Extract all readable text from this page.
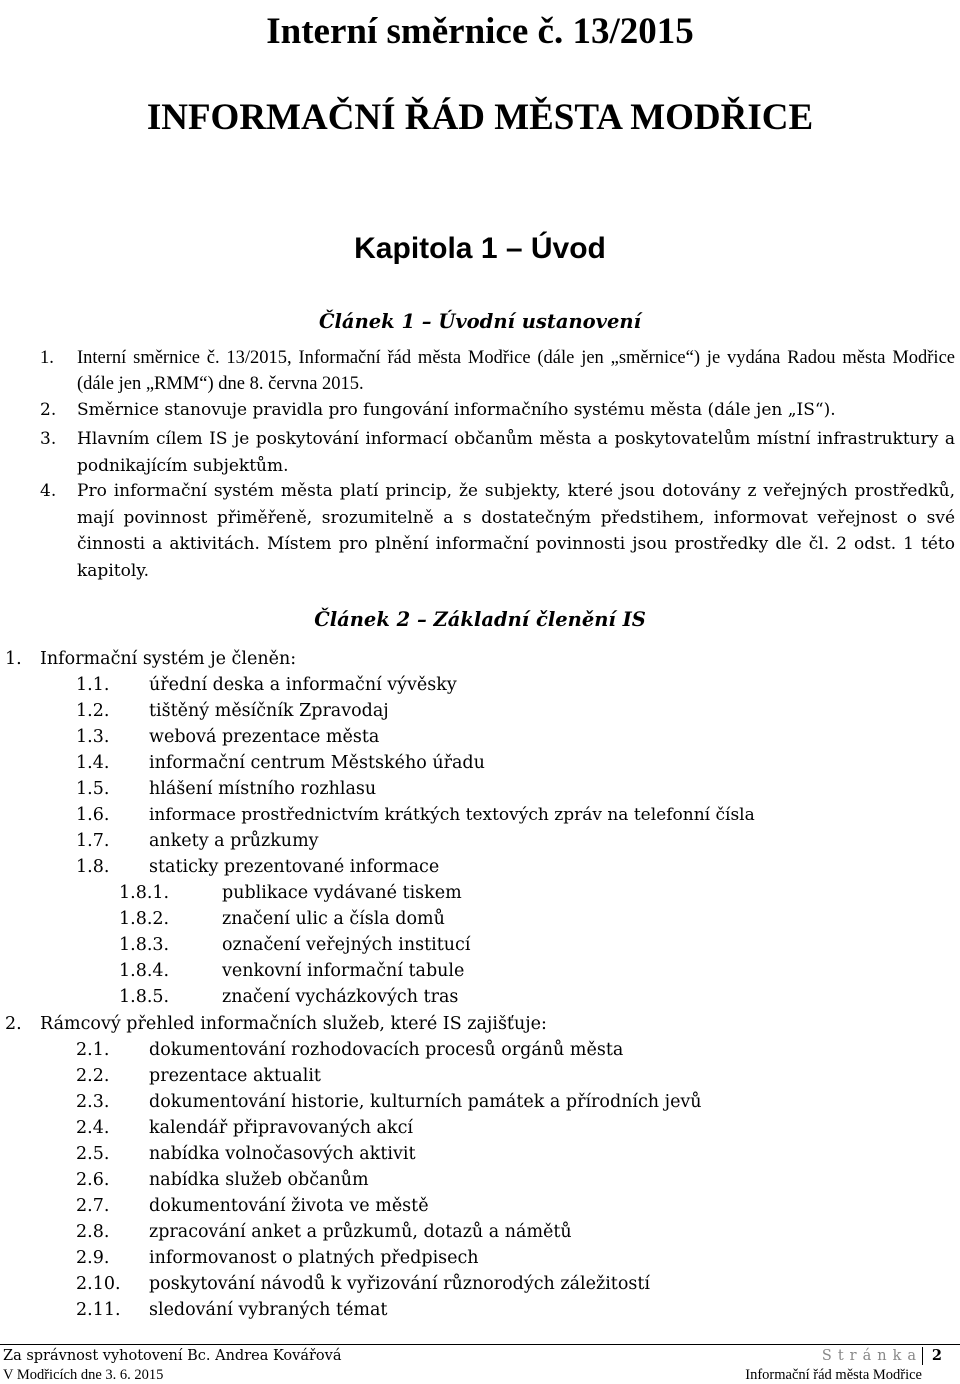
Interní směrnice č. 13/2015
INFORMAČNÍ ŘÁD MĚSTA MODŘICE
Kapitola 1 – Úvod
Článek 1 – Úvodní ustanovení
1.	Interní směrnice č. 13/2015, Informační řád města Modřice (dále jen „směrnice“) je vydána Radou města Modřice (dále jen „RMM“) dne 8. června 2015.
2.	Směrnice stanovuje pravidla pro fungování informačního systému města (dále jen „IS“).
3.	Hlavním cílem IS je poskytování informací občanům města a poskytovatelům místní infrastruktury a podnikajícím subjektům.
4.	Pro informační systém města platí princip, že subjekty, které jsou dotovány z veřejných prostředků, mají povinnost přiměřeně, srozumitelně a s dostatečným předstihem, informovat veřejnost o své činnosti a aktivitách. Místem pro plnění informační povinnosti jsou prostředky dle čl. 2 odst. 1 této kapitoly.
Článek 2 – Základní členění IS
1. Informační systém je členěn:
1.1. úřední deska a informační vývěsky
1.2. tištěný měsíčník Zpravodaj
1.3. webová prezentace města
1.4. informační centrum Městského úřadu
1.5. hlášení místního rozhlasu
1.6. informace prostřednictvím krátkých textových zpráv na telefonní čísla
1.7. ankety a průzkumy
1.8. staticky prezentované informace
1.8.1.	publikace vydávané tiskem
1.8.2.	značení ulic a čísla domů
1.8.3.	označení veřejných institucí
1.8.4.	venkovní informační tabule
1.8.5.	značení vycházkových tras
2. Rámcový přehled informačních služeb, které IS zajišťuje:
2.1. dokumentování rozhodovacích procesů orgánů města
2.2. prezentace aktualit
2.3. dokumentování historie, kulturních památek a přírodních jevů
2.4. kalendář připravovaných akcí
2.5. nabídka volnočasových aktivit
2.6. nabídka služeb občanům
2.7. dokumentování života ve městě
2.8. zpracování anket a průzkumů, dotazů a námětů
2.9. informovanost o platných předpisech
2.10. poskytování návodů k vyřizování různorodých záležitostí
2.11. sledování vybraných témat
Za správnost vyhotovení Bc. Andrea Kovářová
V Modřicích dne 3. 6. 2015
Stránka 2
Informační řád města Modřice
